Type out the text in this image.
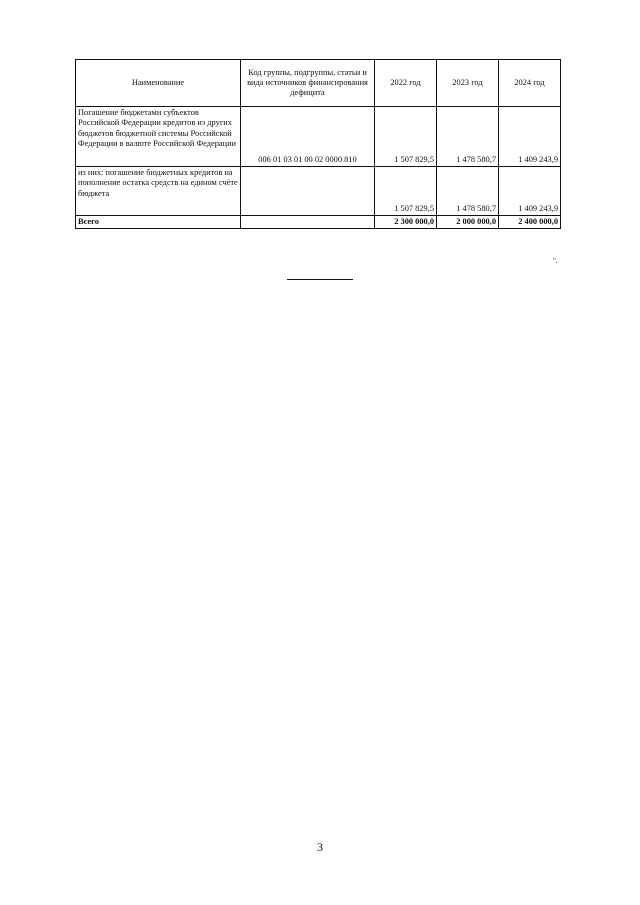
Наименование	Код группы, подгруппы, статьи и вида источников финансирования дефицита	2022 год	2023 год	2024 год
Погашение бюджетами субъектов Российской Федерации кредитов из других бюджетов бюджетной системы Российской Федерации в валюте Российской Федерации	006 01 03 01 00 02 0000 810	1 507 829,5	1 478 580,7	1 409 243,9
из них: погашение бюджетных кредитов на пополнение остатка средств на едином счёте бюджета		1 507 829,5	1 478 580,7	1 409 243,9
Всего		2 300 000,0	2 000 000,0	2 400 000,0
".
3
